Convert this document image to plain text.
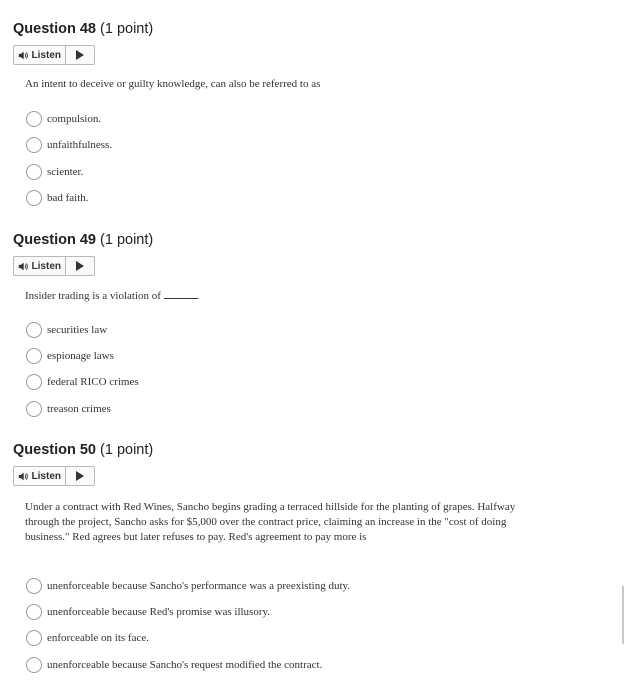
Question 48 (1 point)
Listen
An intent to deceive or guilty knowledge, can also be referred to as
compulsion.
unfaithfulness.
scienter.
bad faith.
Question 49 (1 point)
Listen
Insider trading is a violation of	.
securities law
espionage laws
federal RICO crimes
treason crimes
Question 50 (1 point)
Listen
Under a contract with Red Wines, Sancho begins grading a terraced hillside for the planting of grapes. Halfway through the project, Sancho asks for $5,000 over the contract price, claiming an increase in the "cost of doing business." Red agrees but later refuses to pay. Red's agreement to pay more is
unenforceable because Sancho's performance was a preexisting duty.
unenforceable because Red's promise was illusory.
enforceable on its face.
unenforceable because Sancho's request modified the contract.
